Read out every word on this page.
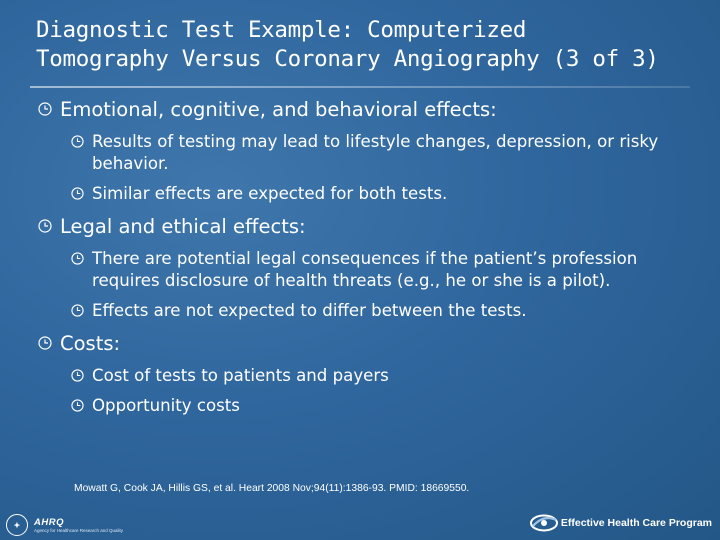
Diagnostic Test Example: Computerized
Tomography Versus Coronary Angiography (3 of 3)
Emotional, cognitive, and behavioral effects:
Results of testing may lead to lifestyle changes, depression, or risky behavior.
Similar effects are expected for both tests.
Legal and ethical effects:
There are potential legal consequences if the patient’s profession requires disclosure of health threats (e.g., he or she is a pilot).
Effects are not expected to differ between the tests.
Costs:
Cost of tests to patients and payers
Opportunity costs
Mowatt G, Cook JA, Hillis GS, et al. Heart 2008 Nov;94(11):1386-93. PMID: 18669550.
✦	AHRQ
Agency for Healthcare Research and Quality
Effective Health Care Program
